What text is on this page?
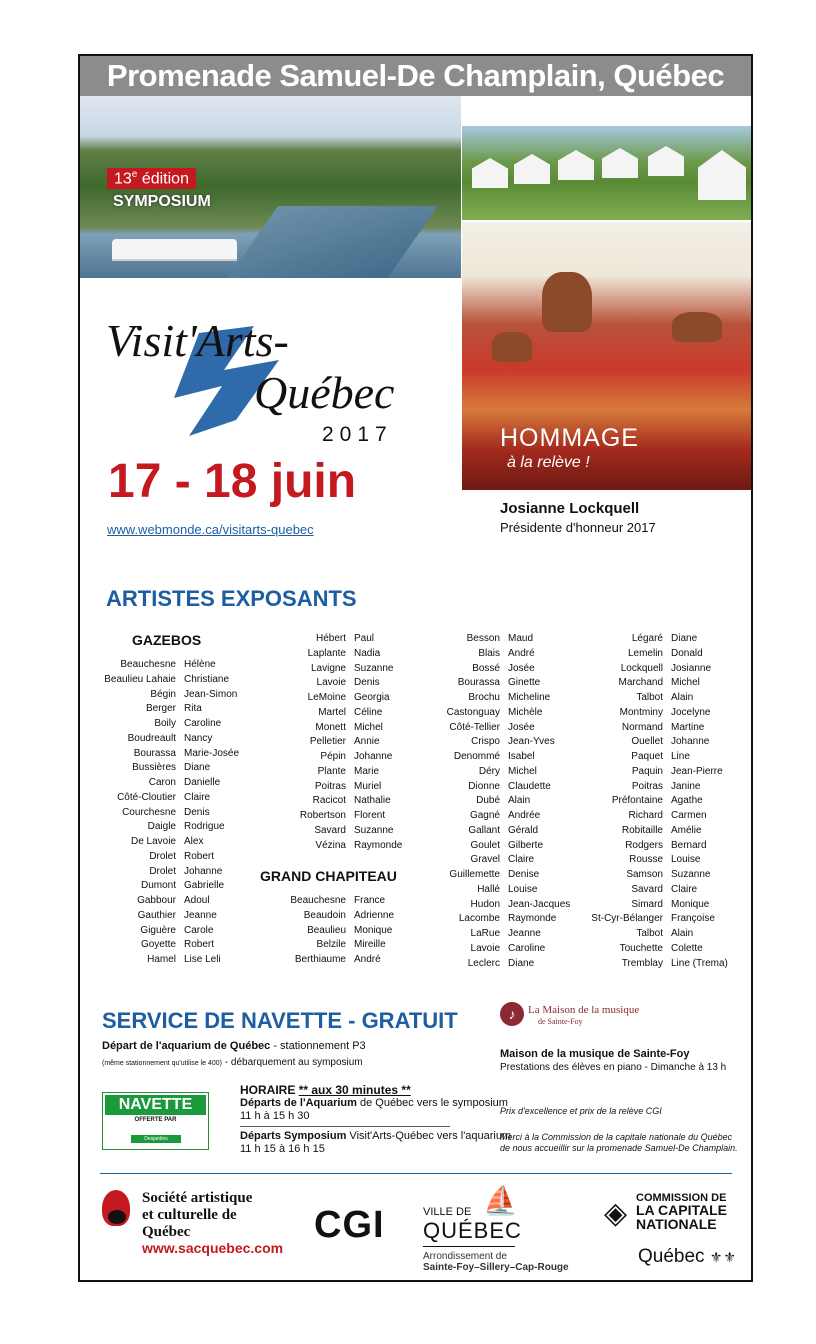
Promenade Samuel-De Champlain, Québec
13e édition
SYMPOSIUM
HOMMAGE
à la relève !
Visit'Arts-
Québec
2017
17 - 18 juin
www.webmonde.ca/visitarts-quebec
Josianne Lockquell
Présidente d'honneur 2017
ARTISTES EXPOSANTS
GAZEBOS
GRAND CHAPITEAU
Beauchesne Hélène
Beaulieu Lahaie Christiane
Bégin Jean-Simon
Berger Rita
Boily Caroline
Boudreault Nancy
Bourassa Marie-Josée
Bussières Diane
Caron Danielle
Côté-Cloutier Claire
Courchesne Denis
Daigle Rodrigue
De Lavoie Alex
Drolet Robert
Drolet Johanne
Dumont Gabrielle
Gabbour Adoul
Gauthier Jeanne
Giguère Carole
Goyette Robert
Hamel Lise Leli
Hébert Paul
Laplante Nadia
Lavigne Suzanne
Lavoie Denis
LeMoine Georgia
Martel Céline
Monett Michel
Pelletier Annie
Pépin Johanne
Plante Marie
Poitras Muriel
Racicot Nathalie
Robertson Florent
Savard Suzanne
Vézina Raymonde
Beauchesne France
Beaudoin Adrienne
Beaulieu Monique
Belzile Mireille
Berthiaume André
Besson Maud
Blais André
Bossé Josée
Bourassa Ginette
Brochu Micheline
Castonguay Michèle
Côté-Tellier Josée
Crispo Jean-Yves
Denommé Isabel
Déry Michel
Dionne Claudette
Dubé Alain
Gagné Andrée
Gallant Gérald
Goulet Gilberte
Gravel Claire
Guillemette Denise
Hallé Louise
Hudon Jean-Jacques
Lacombe Raymonde
LaRue Jeanne
Lavoie Caroline
Leclerc Diane
Légaré Diane
Lemelin Donald
Lockquell Josianne
Marchand Michel
Talbot Alain
Montminy Jocelyne
Normand Martine
Ouellet Johanne
Paquet Line
Paquin Jean-Pierre
Poitras Janine
Préfontaine Agathe
Richard Carmen
Robitaille Amélie
Rodgers Bernard
Rousse Louise
Samson Suzanne
Savard Claire
Simard Monique
St-Cyr-Bélanger Françoise
Talbot Alain
Touchette Colette
Tremblay Line (Trema)
SERVICE DE NAVETTE - GRATUIT
Départ de l'aquarium de Québec - stationnement P3
(même stationnement qu'utilise le 400) - débarquement au symposium
NAVETTE
OFFERTE PAR
Desjardins
HORAIRE ** aux 30 minutes **
Départs de l'Aquarium de Québec vers le symposium
11 h à 15 h 30
Départs Symposium Visit'Arts-Québec vers l'aquarium
11 h 15 à 16 h 15
♪	La Maison de la musique
de Sainte-Foy
Maison de la musique de Sainte-Foy
Prestations des élèves en piano - Dimanche à 13 h
Prix d'excellence et prix de la relève CGI
Merci à la Commission de la capitale nationale du Québec
de nous accueillir sur la promenade Samuel-De Champlain.
Société artistique
et culturelle de Québec
www.sacquebec.com
CGI
⛵
VILLE DE
QUÉBEC
Arrondissement de
Sainte-Foy–Sillery–Cap-Rouge
◈ COMMISSION DE
LA CAPITALE
NATIONALE
Québec ⚜⚜
